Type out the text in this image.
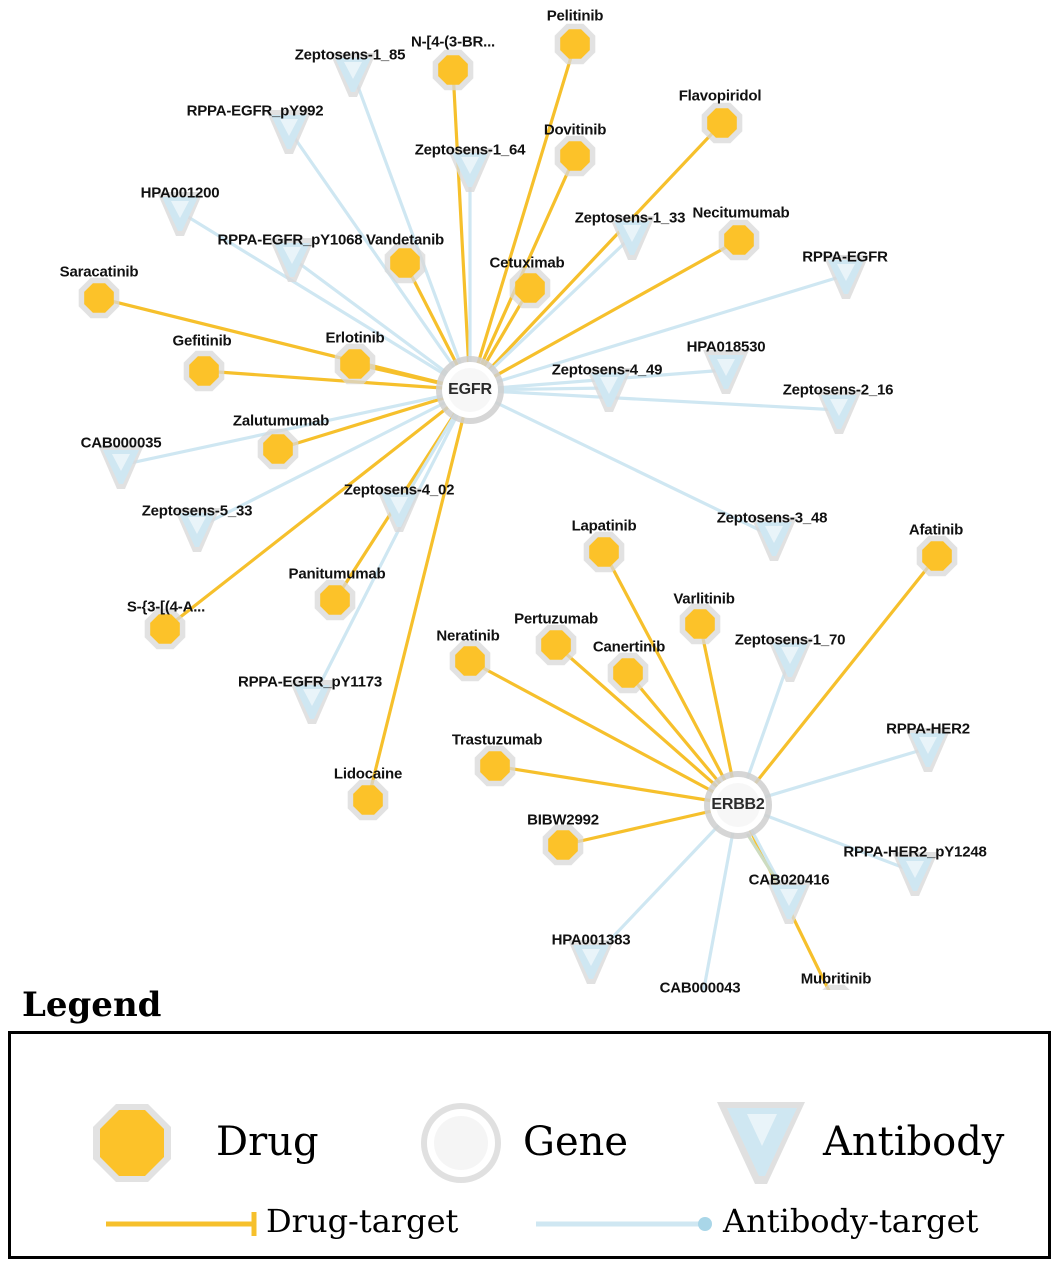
Pelitinib
N-[4-(3-BR...
Flavopiridol
Dovitinib
Necitumumab
Vandetanib
Cetuximab
Saracatinib
Erlotinib
Gefitinib
Zalutumumab
Lapatinib	Afatinib
Panitumumab
Varlitinib
S-{3-[(4-A...
Pertuzumab
Neratinib
Canertinib
Trastuzumab
Lidocaine
BIBW2992
Mubritinib
Zeptosens-1_85
RPPA-EGFR_pY992
Zeptosens-1_64
HPA001200
Zeptosens-1_33
RPPA-EGFR_pY1068
RPPA-EGFR
HPA018530
Zeptosens-4_49
Zeptosens-2_16
CAB000035
Zeptosens-4_02
Zeptosens-5_33	Zeptosens-3_48
Zeptosens-1_70
RPPA-EGFR_pY1173
RPPA-HER2
RPPA-HER2_pY1248
CAB020416
HPA001383
CAB000043
EGFR
ERBB2
Legend
Drug	Gene	Antibody
Drug-target	Antibody-target
